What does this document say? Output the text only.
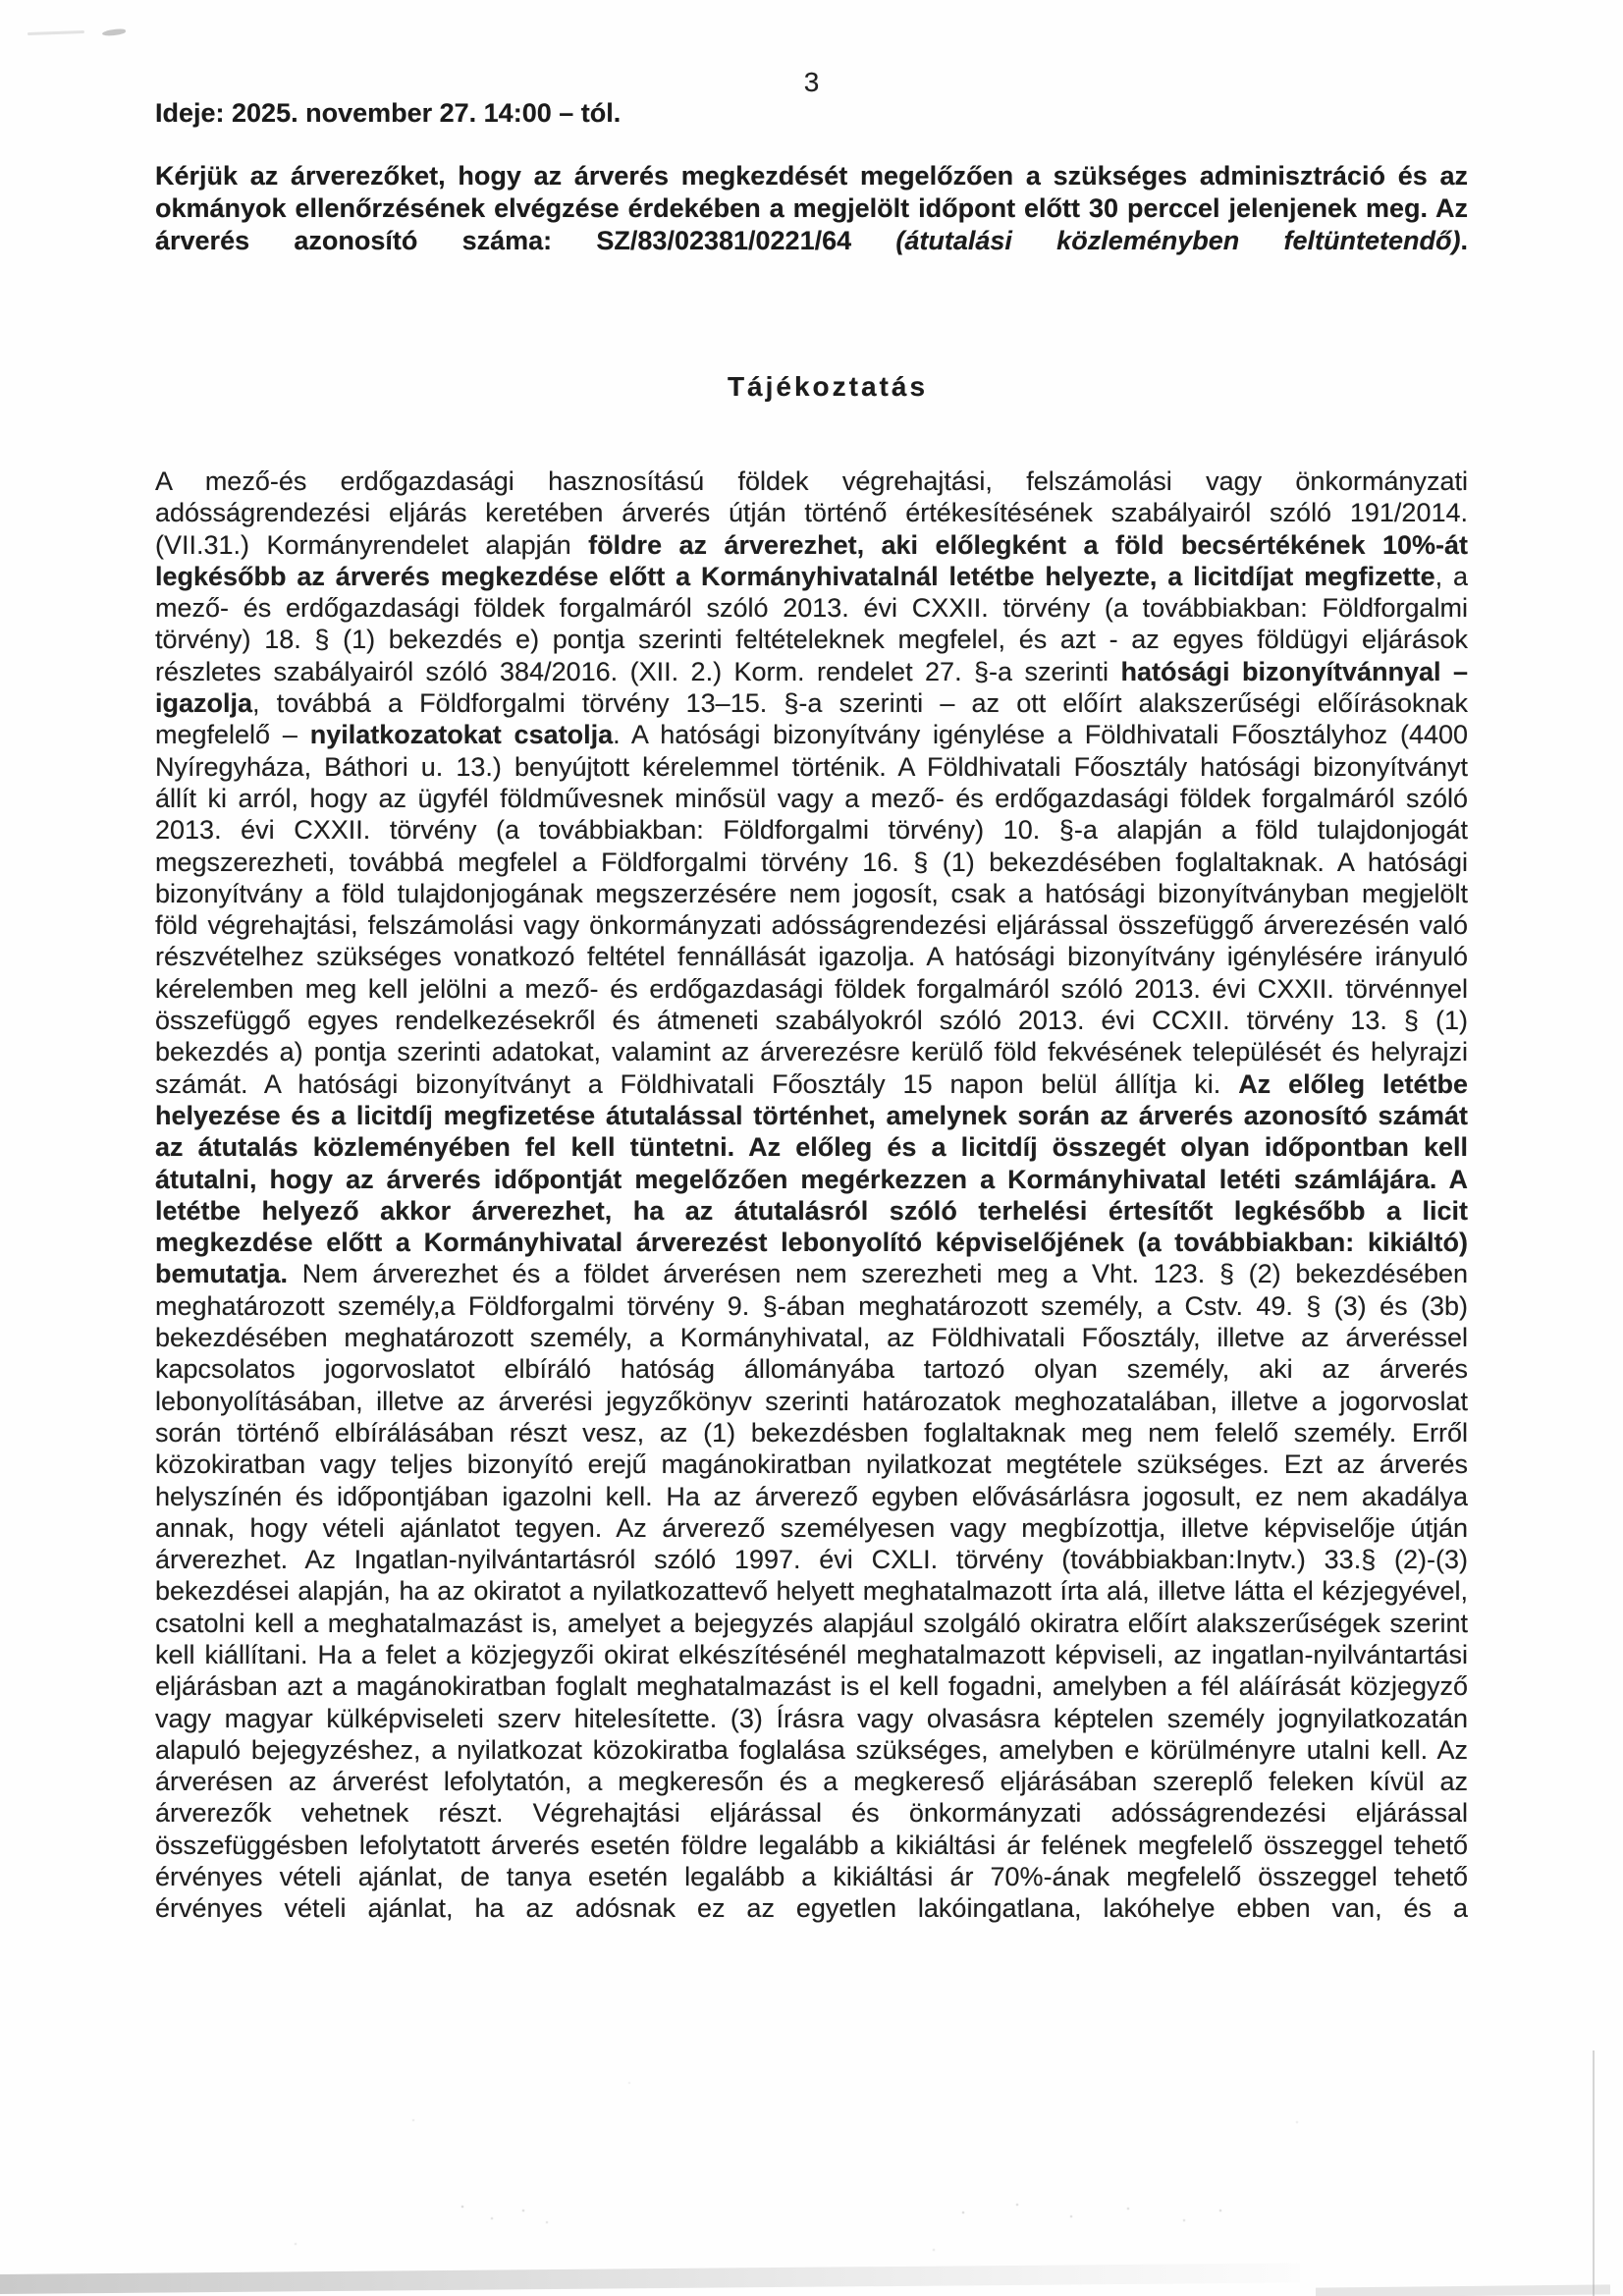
3
Ideje: 2025. november 27. 14:00 – tól.
Kérjük az árverezőket, hogy az árverés megkezdését megelőzően a szükséges adminisztráció és az okmányok ellenőrzésének elvégzése érdekében a megjelölt időpont előtt 30 perccel jelenjenek meg. Az árverés azonosító száma: SZ/83/02381/0221/64 (átutalási közleményben feltüntetendő).
Tájékoztatás
A mező-és erdőgazdasági hasznosítású földek végrehajtási, felszámolási vagy önkormányzati adósságrendezési eljárás keretében árverés útján történő értékesítésének szabályairól szóló 191/2014. (VII.31.) Kormányrendelet alapján földre az árverezhet, aki előlegként a föld becsértékének 10%-át legkésőbb az árverés megkezdése előtt a Kormányhivatalnál letétbe helyezte, a licitdíjat megfizette, a mező- és erdőgazdasági földek forgalmáról szóló 2013. évi CXXII. törvény (a továbbiakban: Földforgalmi törvény) 18. § (1) bekezdés e) pontja szerinti feltételeknek megfelel, és azt - az egyes földügyi eljárások részletes szabályairól szóló 384/2016. (XII. 2.) Korm. rendelet 27. §-a szerinti hatósági bizonyítvánnyal – igazolja, továbbá a Földforgalmi törvény 13–15. §-a szerinti – az ott előírt alakszerűségi előírásoknak megfelelő – nyilatkozatokat csatolja. A hatósági bizonyítvány igénylése a Földhivatali Főosztályhoz (4400 Nyíregyháza, Báthori u. 13.) benyújtott kérelemmel történik. A Földhivatali Főosztály hatósági bizonyítványt állít ki arról, hogy az ügyfél földművesnek minősül vagy a mező- és erdőgazdasági földek forgalmáról szóló 2013. évi CXXII. törvény (a továbbiakban: Földforgalmi törvény) 10. §-a alapján a föld tulajdonjogát megszerezheti, továbbá megfelel a Földforgalmi törvény 16. § (1) bekezdésében foglaltaknak. A hatósági bizonyítvány a föld tulajdonjogának megszerzésére nem jogosít, csak a hatósági bizonyítványban megjelölt föld végrehajtási, felszámolási vagy önkormányzati adósságrendezési eljárással összefüggő árverezésén való részvételhez szükséges vonatkozó feltétel fennállását igazolja. A hatósági bizonyítvány igénylésére irányuló kérelemben meg kell jelölni a mező- és erdőgazdasági földek forgalmáról szóló 2013. évi CXXII. törvénnyel összefüggő egyes rendelkezésekről és átmeneti szabályokról szóló 2013. évi CCXII. törvény 13. § (1) bekezdés a) pontja szerinti adatokat, valamint az árverezésre kerülő föld fekvésének települését és helyrajzi számát. A hatósági bizonyítványt a Földhivatali Főosztály 15 napon belül állítja ki. Az előleg letétbe helyezése és a licitdíj megfizetése átutalással történhet, amelynek során az árverés azonosító számát az átutalás közleményében fel kell tüntetni. Az előleg és a licitdíj összegét olyan időpontban kell átutalni, hogy az árverés időpontját megelőzően megérkezzen a Kormányhivatal letéti számlájára. A letétbe helyező akkor árverezhet, ha az átutalásról szóló terhelési értesítőt legkésőbb a licit megkezdése előtt a Kormányhivatal árverezést lebonyolító képviselőjének (a továbbiakban: kikiáltó) bemutatja. Nem árverezhet és a földet árverésen nem szerezheti meg a Vht. 123. § (2) bekezdésében meghatározott személy,a Földforgalmi törvény 9. §-ában meghatározott személy, a Cstv. 49. § (3) és (3b) bekezdésében meghatározott személy, a Kormányhivatal, az Földhivatali Főosztály, illetve az árveréssel kapcsolatos jogorvoslatot elbíráló hatóság állományába tartozó olyan személy, aki az árverés lebonyolításában, illetve az árverési jegyzőkönyv szerinti határozatok meghozatalában, illetve a jogorvoslat során történő elbírálásában részt vesz, az (1) bekezdésben foglaltaknak meg nem felelő személy. Erről közokiratban vagy teljes bizonyító erejű magánokiratban nyilatkozat megtétele szükséges. Ezt az árverés helyszínén és időpontjában igazolni kell. Ha az árverező egyben elővásárlásra jogosult, ez nem akadálya annak, hogy vételi ajánlatot tegyen. Az árverező személyesen vagy megbízottja, illetve képviselője útján árverezhet. Az Ingatlan-nyilvántartásról szóló 1997. évi CXLI. törvény (továbbiakban:Inytv.) 33.§ (2)-(3) bekezdései alapján, ha az okiratot a nyilatkozattevő helyett meghatalmazott írta alá, illetve látta el kézjegyével, csatolni kell a meghatalmazást is, amelyet a bejegyzés alapjául szolgáló okiratra előírt alakszerűségek szerint kell kiállítani. Ha a felet a közjegyzői okirat elkészítésénél meghatalmazott képviseli, az ingatlan-nyilvántartási eljárásban azt a magánokiratban foglalt meghatalmazást is el kell fogadni, amelyben a fél aláírását közjegyző vagy magyar külképviseleti szerv hitelesítette. (3) Írásra vagy olvasásra képtelen személy jognyilatkozatán alapuló bejegyzéshez, a nyilatkozat közokiratba foglalása szükséges, amelyben e körülményre utalni kell. Az árverésen az árverést lefolytatón, a megkeresőn és a megkereső eljárásában szereplő feleken kívül az árverezők vehetnek részt. Végrehajtási eljárással és önkormányzati adósságrendezési eljárással összefüggésben lefolytatott árverés esetén földre legalább a kikiáltási ár felének megfelelő összeggel tehető érvényes vételi ajánlat, de tanya esetén legalább a kikiáltási ár 70%-ának megfelelő összeggel tehető érvényes vételi ajánlat, ha az adósnak ez az egyetlen lakóingatlana, lakóhelye ebben van, és a
